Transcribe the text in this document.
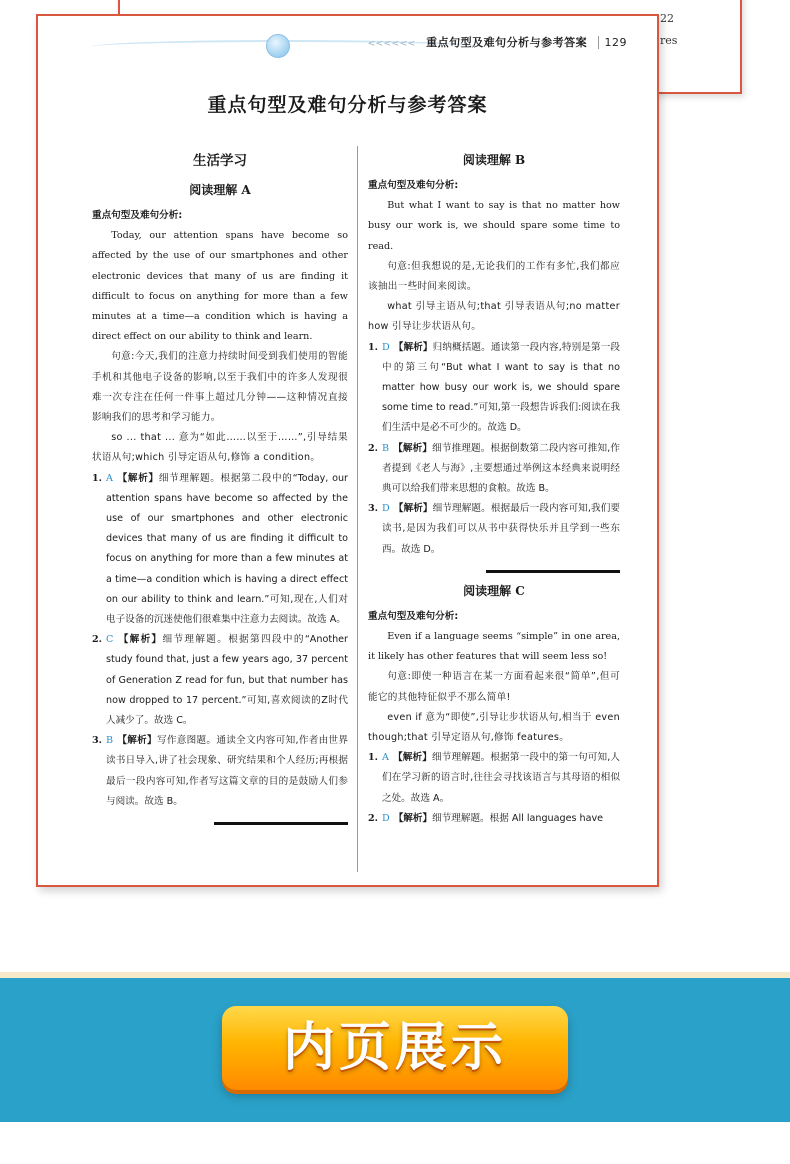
22
res
<<<<<< 重点句型及难句分析与参考答案 129
重点句型及难句分析与参考答案
生活学习
阅读理解 A
重点句型及难句分析:

Today, our attention spans have become so affected by the use of our smartphones and other electronic devices that many of us are finding it difficult to focus on anything for more than a few minutes at a time—a condition which is having a direct effect on our ability to think and learn.

句意:今天,我们的注意力持续时间受到我们使用的智能手机和其他电子设备的影响,以至于我们中的许多人发现很难一次专注在任何一件事上超过几分钟——这种情况直接影响我们的思考和学习能力。

so ... that ... 意为“如此……以至于……”,引导结果状语从句;which 引导定语从句,修饰 a condition。

1. A 【解析】细节理解题。根据第二段中的“Today, our attention spans have become so affected by the use of our smartphones and other electronic devices that many of us are finding it difficult to focus on anything for more than a few minutes at a time—a condition which is having a direct effect on our ability to think and learn.”可知,现在,人们对电子设备的沉迷使他们很难集中注意力去阅读。故选 A。
2. C 【解析】细节理解题。根据第四段中的“Another study found that, just a few years ago, 37 percent of Generation Z read for fun, but that number has now dropped to 17 percent.”可知,喜欢阅读的Z时代人减少了。故选 C。
3. B 【解析】写作意图题。通读全文内容可知,作者由世界读书日导入,讲了社会现象、研究结果和个人经历;再根据最后一段内容可知,作者写这篇文章的目的是鼓励人们参与阅读。故选 B。
阅读理解 B
重点句型及难句分析:

But what I want to say is that no matter how busy our work is, we should spare some time to read.

句意:但我想说的是,无论我们的工作有多忙,我们都应该抽出一些时间来阅读。

what 引导主语从句;that 引导表语从句;no matter how 引导让步状语从句。

1. D 【解析】归纳概括题。通读第一段内容,特别是第一段中的第三句“But what I want to say is that no matter how busy our work is, we should spare some time to read.”可知,第一段想告诉我们:阅读在我们生活中是必不可少的。故选 D。
2. B 【解析】细节推理题。根据倒数第二段内容可推知,作者提到《老人与海》,主要想通过举例这本经典来说明经典可以给我们带来思想的食粮。故选 B。
3. D 【解析】细节理解题。根据最后一段内容可知,我们要读书,是因为我们可以从书中获得快乐并且学到一些东西。故选 D。
阅读理解 C
重点句型及难句分析:

Even if a language seems “simple” in one area, it likely has other features that will seem less so!

句意:即使一种语言在某一方面看起来很“简单”,但可能它的其他特征似乎不那么简单!

even if 意为“即使”,引导让步状语从句,相当于 even though;that 引导定语从句,修饰 features。

1. A 【解析】细节理解题。根据第一段中的第一句可知,人们在学习新的语言时,往往会寻找该语言与其母语的相似之处。故选 A。
2. D 【解析】细节理解题。根据 All languages have
内页展示
